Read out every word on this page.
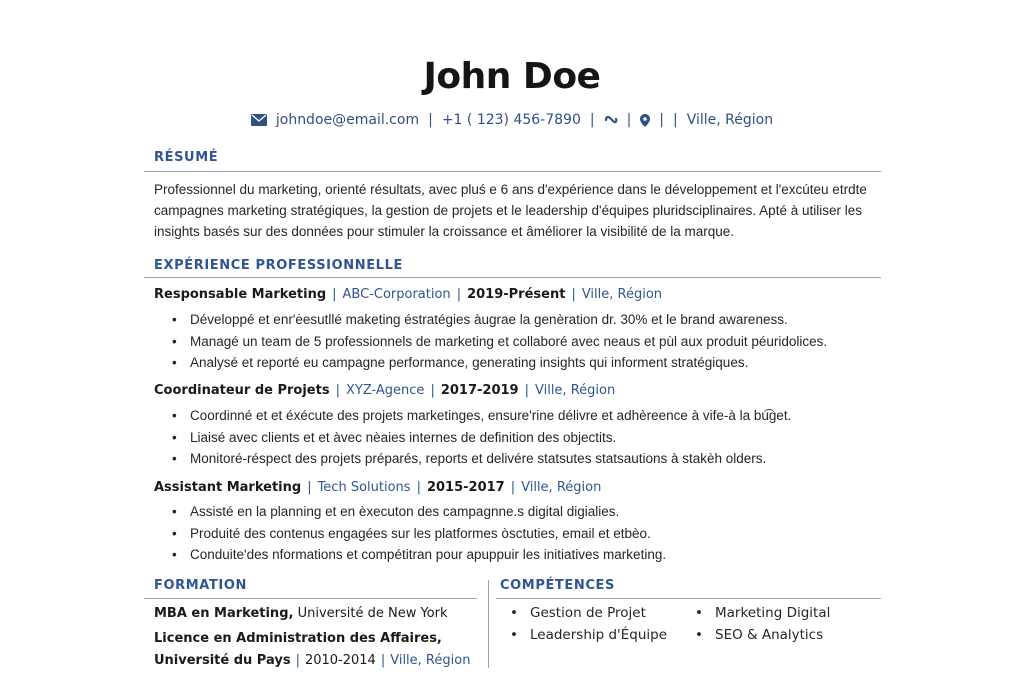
John Doe
johndoe@email.com | +1 ( 123) 456-7890 | | | | Ville, Région
RÉSUMÉ
Professionnel du marketing, orienté résultats, avec pluś e 6 ans d'expérience dans le développement et l'excúteu etrdte campagnes marketing stratégiques, la gestion de projets et le leadership d'équipes pluridsciplinaires. Apté à utiliser les insights basés sur des données pour stimuler la croissance et âméliorer la visibilité de la marque.
EXPÉRIENCE PROFESSIONNELLE
Responsable Marketing | ABC-Corporation | 2019-Présent | Ville, Région
• Développé et enr'ėesutllé maketing éstratégies àugrae la genèration dr. 30% et le brand awareness.
• Managé un team de 5 professionnels de marketing et collaboré avec neaus et pùl aux produit péuridolices.
• Analysé et reporté eu campagne performance, generating insights qui informent stratégiques.
Coordinateur de Projets | XYZ-Agence | 2017-2019 | Ville, Région
• Coordinné et et éxécute des projets marketinges, ensure'rine délivre et adhèreence à vife-à la bu͡get.
• Liaisé avec clients et et àvec nèaies internes de definition des objectits.
• Monitoré-réspect des projets préparés, reports et delivére statsutes statsautions à stakèh olders.
Assistant Marketing | Tech Solutions | 2015-2017 | Ville, Région
• Assisté en la planning et en èxecuton des campagnne.s digital digialies.
• Produité des contenus engagées sur les platformes òsctuties, email et etbèo.
• Conduite'des nformations et compétitran pour apuppuir les initiatives marketing.
FORMATION
MBA en Marketing, Université de New York
Licence en Administration des Affaires,
Université du Pays | 2010-2014 | Ville, Région
COMPÉTENCES
• Gestion de Projet
• Leadership d'Équipe
• Marketing Digital
• SEO & Analytics
